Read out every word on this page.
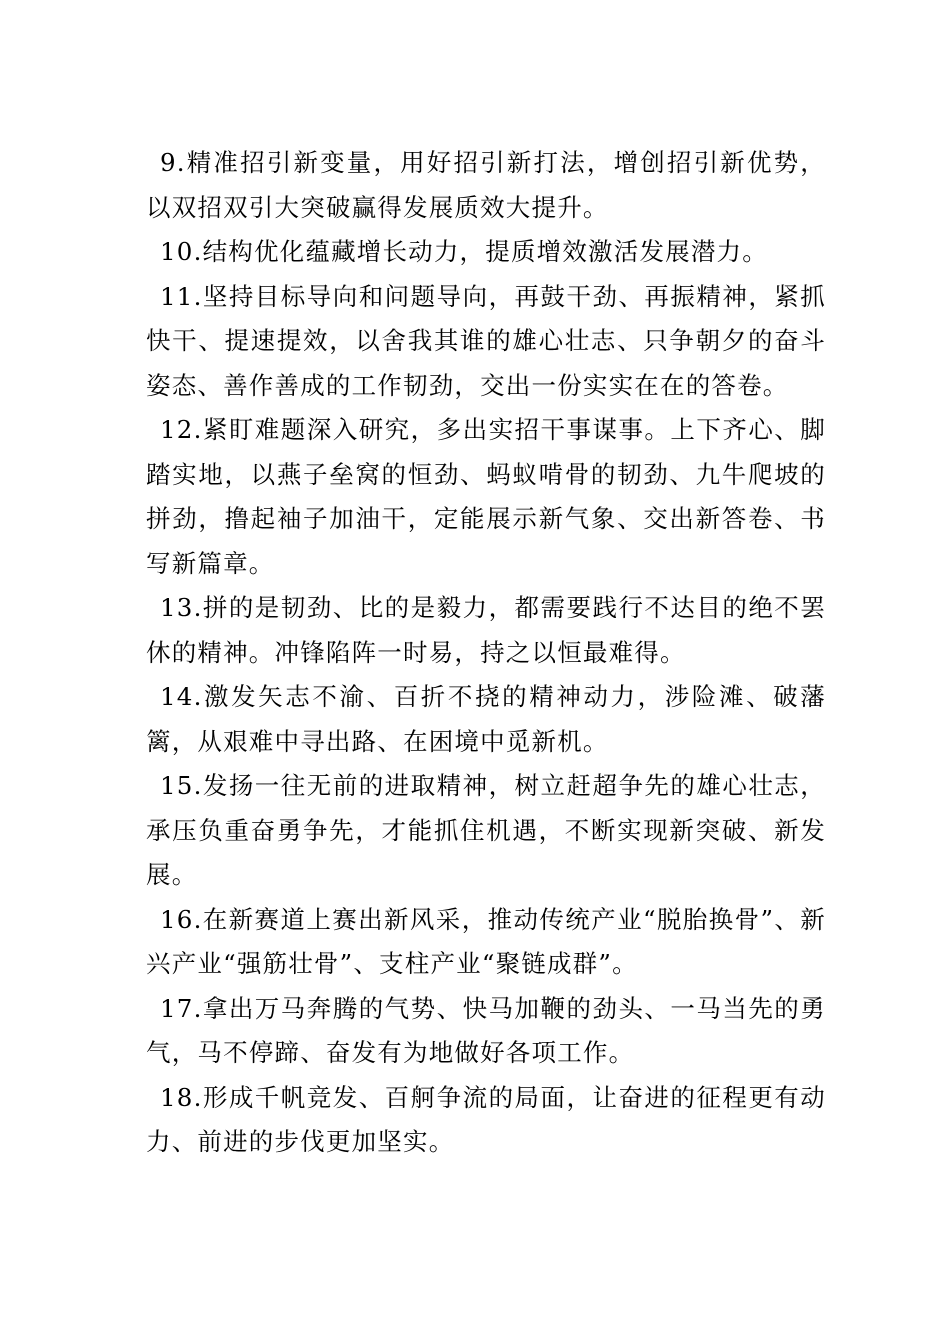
9.精准招引新变量，用好招引新打法，增创招引新优势，以双招双引大突破赢得发展质效大提升。

10.结构优化蕴藏增长动力，提质增效激活发展潜力。

11.坚持目标导向和问题导向，再鼓干劲、再振精神，紧抓快干、提速提效，以舍我其谁的雄心壮志、只争朝夕的奋斗姿态、善作善成的工作韧劲，交出一份实实在在的答卷。

12.紧盯难题深入研究，多出实招干事谋事。上下齐心、脚踏实地，以燕子垒窝的恒劲、蚂蚁啃骨的韧劲、九牛爬坡的拼劲，撸起袖子加油干，定能展示新气象、交出新答卷、书写新篇章。

13.拼的是韧劲、比的是毅力，都需要践行不达目的绝不罢休的精神。冲锋陷阵一时易，持之以恒最难得。

14.激发矢志不渝、百折不挠的精神动力，涉险滩、破藩篱，从艰难中寻出路、在困境中觅新机。

15.发扬一往无前的进取精神，树立赶超争先的雄心壮志，承压负重奋勇争先，才能抓住机遇，不断实现新突破、新发展。

16.在新赛道上赛出新风采，推动传统产业“脱胎换骨”、新兴产业“强筋壮骨”、支柱产业“聚链成群”。

17.拿出万马奔腾的气势、快马加鞭的劲头、一马当先的勇气，马不停蹄、奋发有为地做好各项工作。

18.形成千帆竞发、百舸争流的局面，让奋进的征程更有动力、前进的步伐更加坚实。
